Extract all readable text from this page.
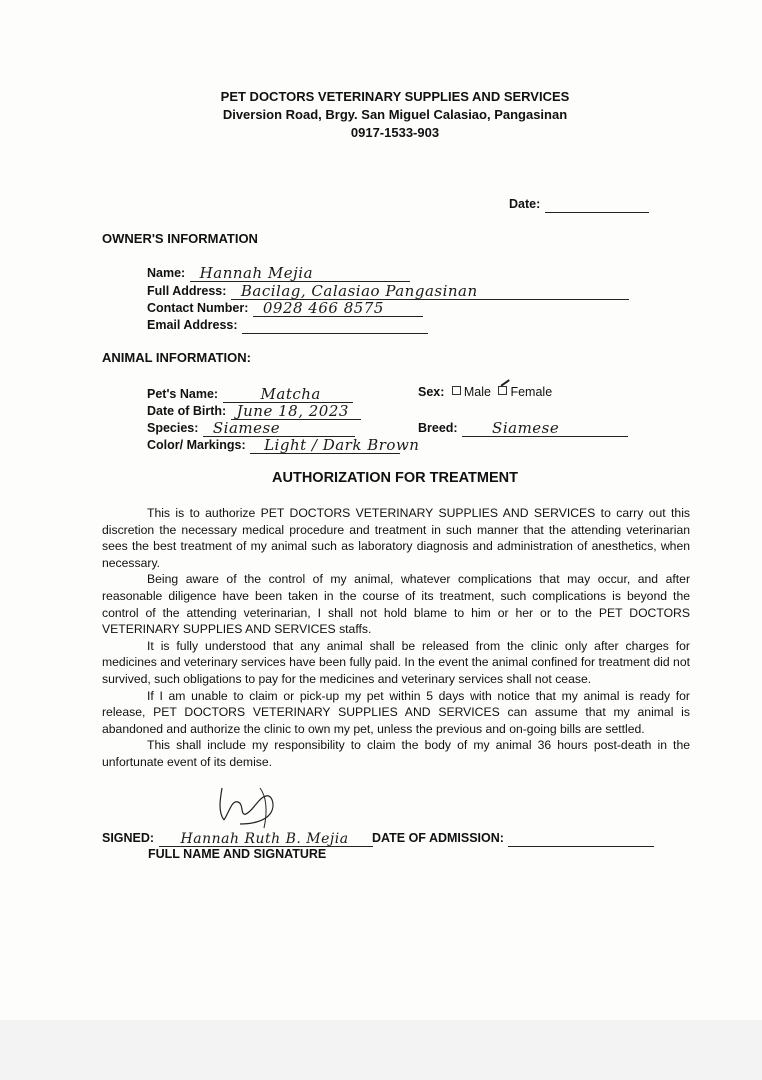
PET DOCTORS VETERINARY SUPPLIES AND SERVICES
Diversion Road, Brgy. San Miguel Calasiao, Pangasinan
0917-1533-903
Date:
OWNER'S INFORMATION
Name: Hannah Mejia
Full Address: Bacilag, Calasiao Pangasinan
Contact Number: 0928 466 8575
Email Address:
ANIMAL INFORMATION:
Pet's Name:	Matcha	Sex: Male Female
Date of Birth: June 18, 2023
Species: Siamese	Breed: Siamese
Color/ Markings: Light / Dark Brown
AUTHORIZATION FOR TREATMENT

This is to authorize PET DOCTORS VETERINARY SUPPLIES AND SERVICES to carry out this discretion the necessary medical procedure and treatment in such manner that the attending veterinarian sees the best treatment of my animal such as laboratory diagnosis and administration of anesthetics, when necessary.

Being aware of the control of my animal, whatever complications that may occur, and after reasonable diligence have been taken in the course of its treatment, such complications is beyond the control of the attending veterinarian, I shall not hold blame to him or her or to the PET DOCTORS VETERINARY SUPPLIES AND SERVICES staffs.

It is fully understood that any animal shall be released from the clinic only after charges for medicines and veterinary services have been fully paid. In the event the animal confined for treatment did not survived, such obligations to pay for the medicines and veterinary services shall not cease.

If I am unable to claim or pick-up my pet within 5 days with notice that my animal is ready for release, PET DOCTORS VETERINARY SUPPLIES AND SERVICES can assume that my animal is abandoned and authorize the clinic to own my pet, unless the previous and on-going bills are settled.

This shall include my responsibility to claim the body of my animal 36 hours post-death in the unfortunate event of its demise.

SIGNED: Hannah Ruth B. Mejia DATE OF ADMISSION:
FULL NAME AND SIGNATURE
